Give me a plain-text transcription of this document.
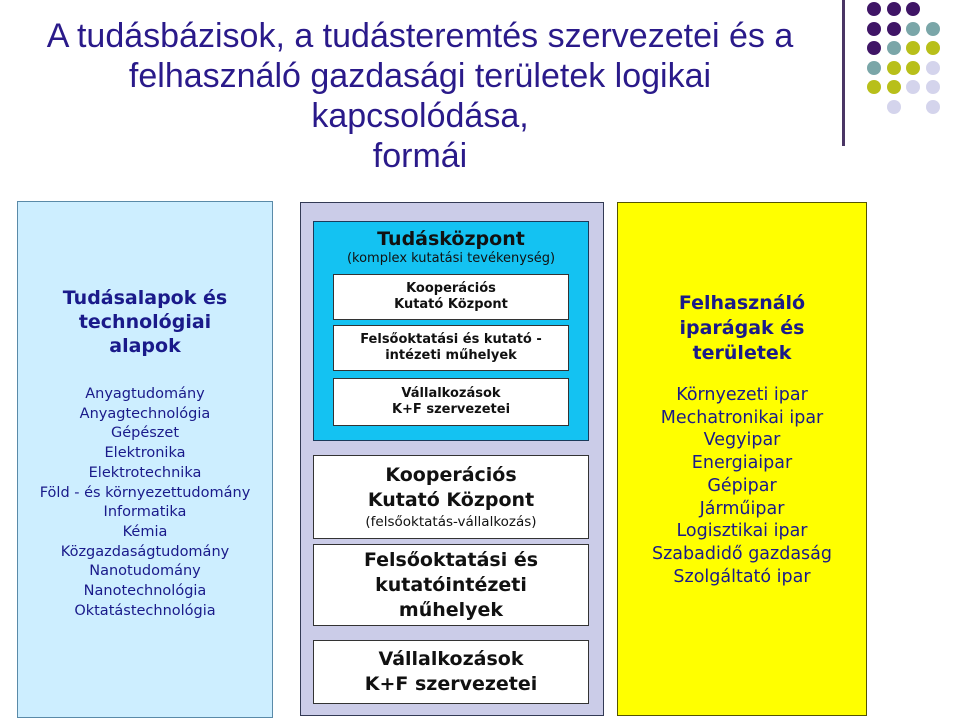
A tudásbázisok, a tudásteremtés szervezetei és a
felhasználó gazdasági területek logikai kapcsolódása,
formái
Tudásalapok és
technológiai
alapok
Anyagtudomány
Anyagtechnológia
Gépészet
Elektronika
Elektrotechnika
Föld - és környezettudomány
Informatika
Kémia
Közgazdaságtudomány
Nanotudomány
Nanotechnológia
Oktatástechnológia
Tudásközpont
(komplex kutatási tevékenység)
Kooperációs
Kutató Központ
Felsőoktatási és kutató -
intézeti műhelyek
Vállalkozások
K+F szervezetei
Kooperációs
Kutató Központ
(felsőoktatás-vállalkozás)
Felsőoktatási és
kutatóintézeti
műhelyek
Vállalkozások
K+F szervezetei
Felhasználó
iparágak és
területek
Környezeti ipar
Mechatronikai ipar
Vegyipar
Energiaipar
Gépipar
Járműipar
Logisztikai ipar
Szabadidő gazdaság
Szolgáltató ipar
